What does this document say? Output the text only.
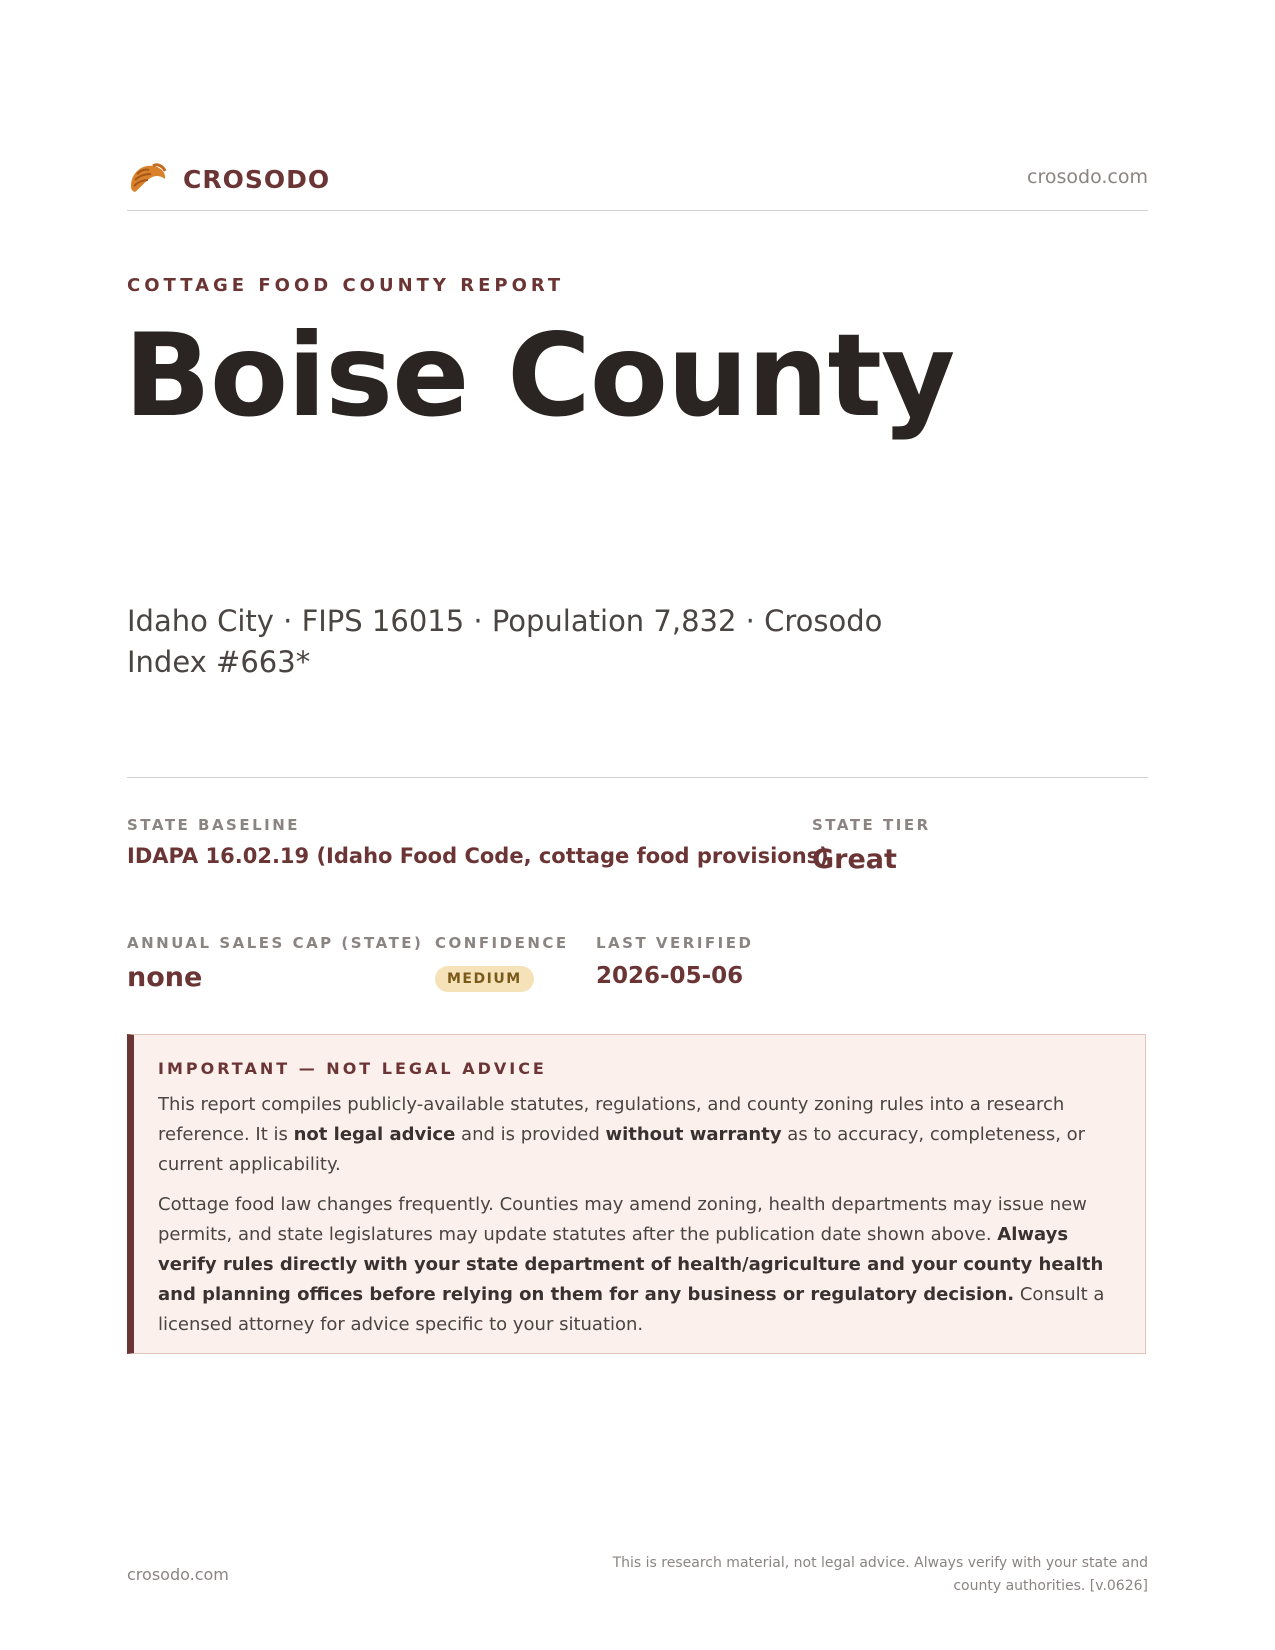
CROSODO	crosodo.com
COTTAGE FOOD COUNTY REPORT
Boise County
Idaho City · FIPS 16015 · Population 7,832 · Crosodo Index #663*
STATE BASELINE
IDAPA 16.02.19 (Idaho Food Code, cottage food provisions)
STATE TIER
Great
ANNUAL SALES CAP (STATE)
none
CONFIDENCE
MEDIUM
LAST VERIFIED
2026-05-06
IMPORTANT — NOT LEGAL ADVICE

This report compiles publicly-available statutes, regulations, and county zoning rules into a research reference. It is not legal advice and is provided without warranty as to accuracy, completeness, or current applicability.

Cottage food law changes frequently. Counties may amend zoning, health departments may issue new permits, and state legislatures may update statutes after the publication date shown above. Always verify rules directly with your state department of health/agriculture and your county health and planning offices before relying on them for any business or regulatory decision. Consult a licensed attorney for advice specific to your situation.

crosodo.com
This is research material, not legal advice. Always verify with your state and county authorities. [v.0626]
